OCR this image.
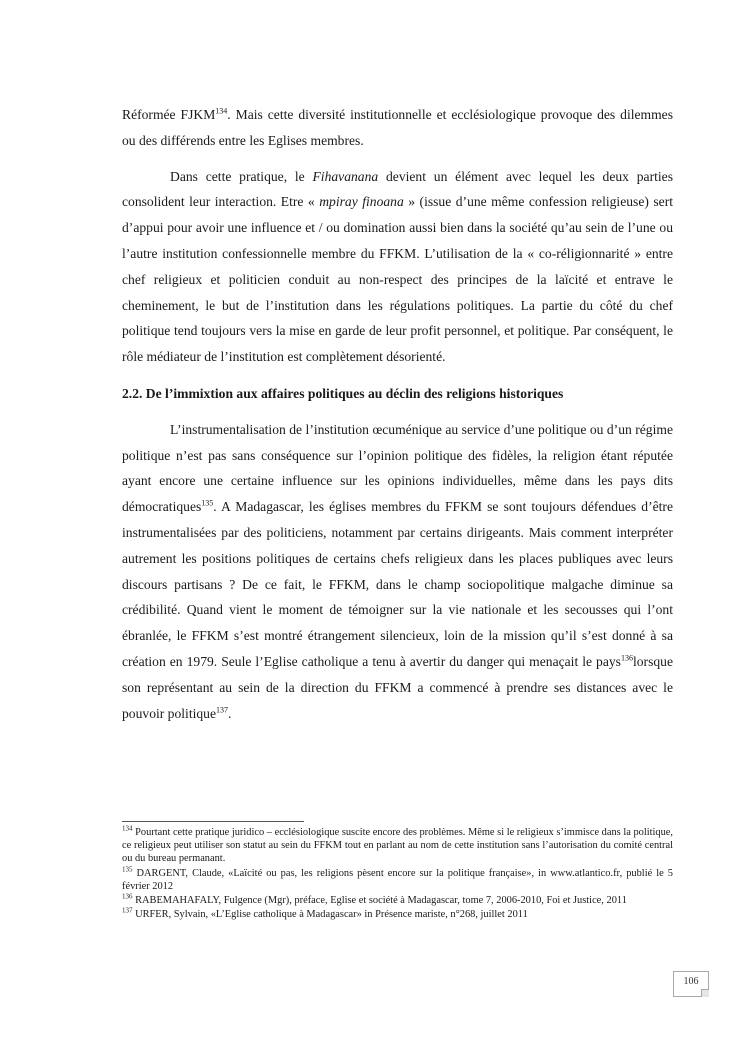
Réformée FJKM$^{134}$. Mais cette diversité institutionnelle et ecclésiologique provoque des dilemmes ou des différends entre les Eglises membres.

Dans cette pratique, le Fihavanana devient un élément avec lequel les deux parties consolident leur interaction. Etre « mpiray finoana » (issue d’une même confession religieuse) sert d’appui pour avoir une influence et / ou domination aussi bien dans la société qu’au sein de l’une ou l’autre institution confessionnelle membre du FFKM. L’utilisation de la « co-réligionnarité » entre chef religieux et politicien conduit au non-respect des principes de la laïcité et entrave le cheminement, le but de l’institution dans les régulations politiques. La partie du côté du chef politique tend toujours vers la mise en garde de leur profit personnel, et politique. Par conséquent, le rôle médiateur de l’institution est complètement désorienté.

2.2. De l’immixtion aux affaires politiques au déclin des religions historiques

L’instrumentalisation de l’institution œcuménique au service d’une politique ou d’un régime politique n’est pas sans conséquence sur l’opinion politique des fidèles, la religion étant réputée ayant encore une certaine influence sur les opinions individuelles, même dans les pays dits démocratiques$^{135}$. A Madagascar, les églises membres du FFKM se sont toujours défendues d’être instrumentalisées par des politiciens, notamment par certains dirigeants. Mais comment interpréter autrement les positions politiques de certains chefs religieux dans les places publiques avec leurs discours partisans ? De ce fait, le FFKM, dans le champ sociopolitique malgache diminue sa crédibilité. Quand vient le moment de témoigner sur la vie nationale et les secousses qui l’ont ébranlée, le FFKM s’est montré étrangement silencieux, loin de la mission qu’il s’est donné à sa création en 1979. Seule l’Eglise catholique a tenu à avertir du danger qui menaçait le pays$^{136}$lorsque son représentant au sein de la direction du FFKM a commencé à prendre ses distances avec le pouvoir politique$^{137}$.

$^{134}$ Pourtant cette pratique juridico – ecclésiologique suscite encore des problèmes. Même si le religieux s’immisce dans la politique, ce religieux peut utiliser son statut au sein du FFKM tout en parlant au nom de cette institution sans l’autorisation du comité central ou du bureau permanant.

$^{135}$ DARGENT, Claude, «Laïcité ou pas, les religions pèsent encore sur la politique française», in www.atlantico.fr, publié le 5 février 2012

$^{136}$ RABEMAHAFALY, Fulgence (Mgr), préface, Eglise et société à Madagascar, tome 7, 2006-2010, Foi et Justice, 2011

$^{137}$ URFER, Sylvain, «L’Eglise catholique à Madagascar» in Présence mariste, n°268, juillet 2011

106
